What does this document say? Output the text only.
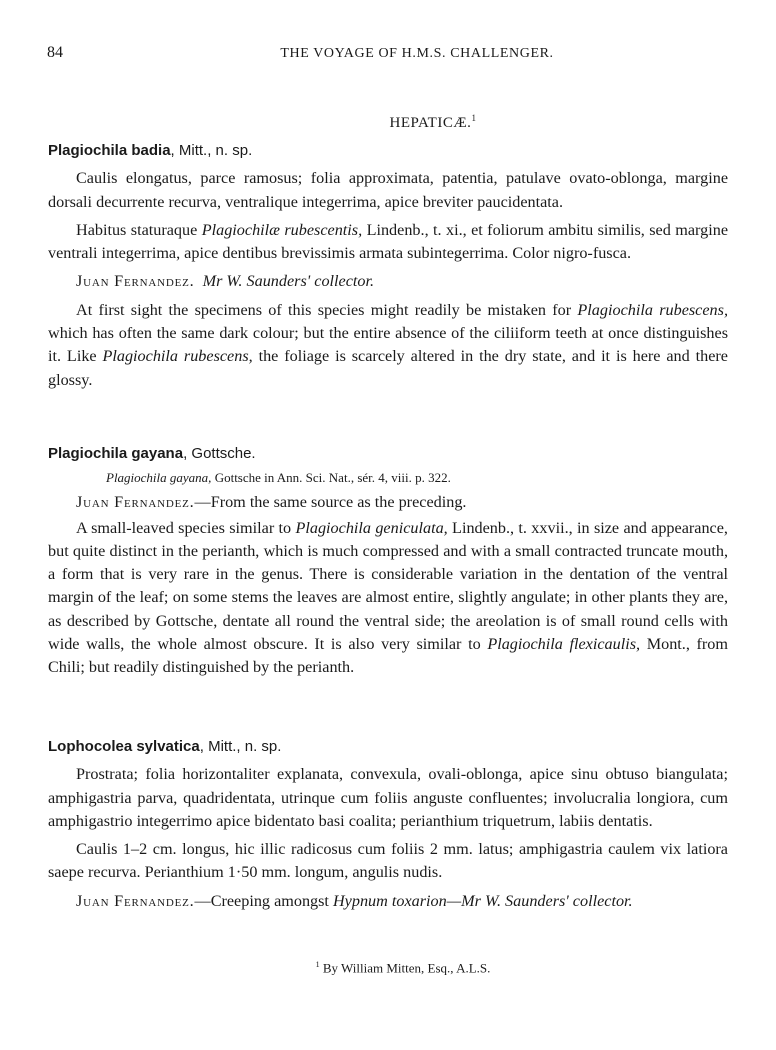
84	THE VOYAGE OF H.M.S. CHALLENGER.
HEPATICÆ.$^1$
Plagiochila badia, Mitt., n. sp.

Caulis elongatus, parce ramosus; folia approximata, patentia, patulave ovato-oblonga, margine dorsali decurrente recurva, ventralique integerrima, apice breviter paucidentata.

Habitus staturaque Plagiochilæ rubescentis, Lindenb., t. xi., et foliorum ambitu similis, sed margine ventrali integerrima, apice dentibus brevissimis armata subintegerrima. Color nigro-fusca.

Juan Fernandez. Mr W. Saunders' collector.

At first sight the specimens of this species might readily be mistaken for Plagiochila rubescens, which has often the same dark colour; but the entire absence of the ciliiform teeth at once distinguishes it. Like Plagiochila rubescens, the foliage is scarcely altered in the dry state, and it is here and there glossy.

Plagiochila gayana, Gottsche.
Plagiochila gayana, Gottsche in Ann. Sci. Nat., sér. 4, viii. p. 322.

Juan Fernandez.—From the same source as the preceding.

A small-leaved species similar to Plagiochila geniculata, Lindenb., t. xxvii., in size and appearance, but quite distinct in the perianth, which is much compressed and with a small contracted truncate mouth, a form that is very rare in the genus. There is considerable variation in the dentation of the ventral margin of the leaf; on some stems the leaves are almost entire, slightly angulate; in other plants they are, as described by Gottsche, dentate all round the ventral side; the areolation is of small round cells with wide walls, the whole almost obscure. It is also very similar to Plagiochila flexicaulis, Mont., from Chili; but readily distinguished by the perianth.

Lophocolea sylvatica, Mitt., n. sp.

Prostrata; folia horizontaliter explanata, convexula, ovali-oblonga, apice sinu obtuso biangulata; amphigastria parva, quadridentata, utrinque cum foliis anguste confluentes; involucralia longiora, cum amphigastrio integerrimo apice bidentato basi coalita; perianthium triquetrum, labiis dentatis.

Caulis 1–2 cm. longus, hic illic radicosus cum foliis 2 mm. latus; amphigastria caulem vix latiora saepe recurva. Perianthium 1·50 mm. longum, angulis nudis.

Juan Fernandez.—Creeping amongst Hypnum toxarion—Mr W. Saunders' collector.

$^1$ By William Mitten, Esq., A.L.S.
